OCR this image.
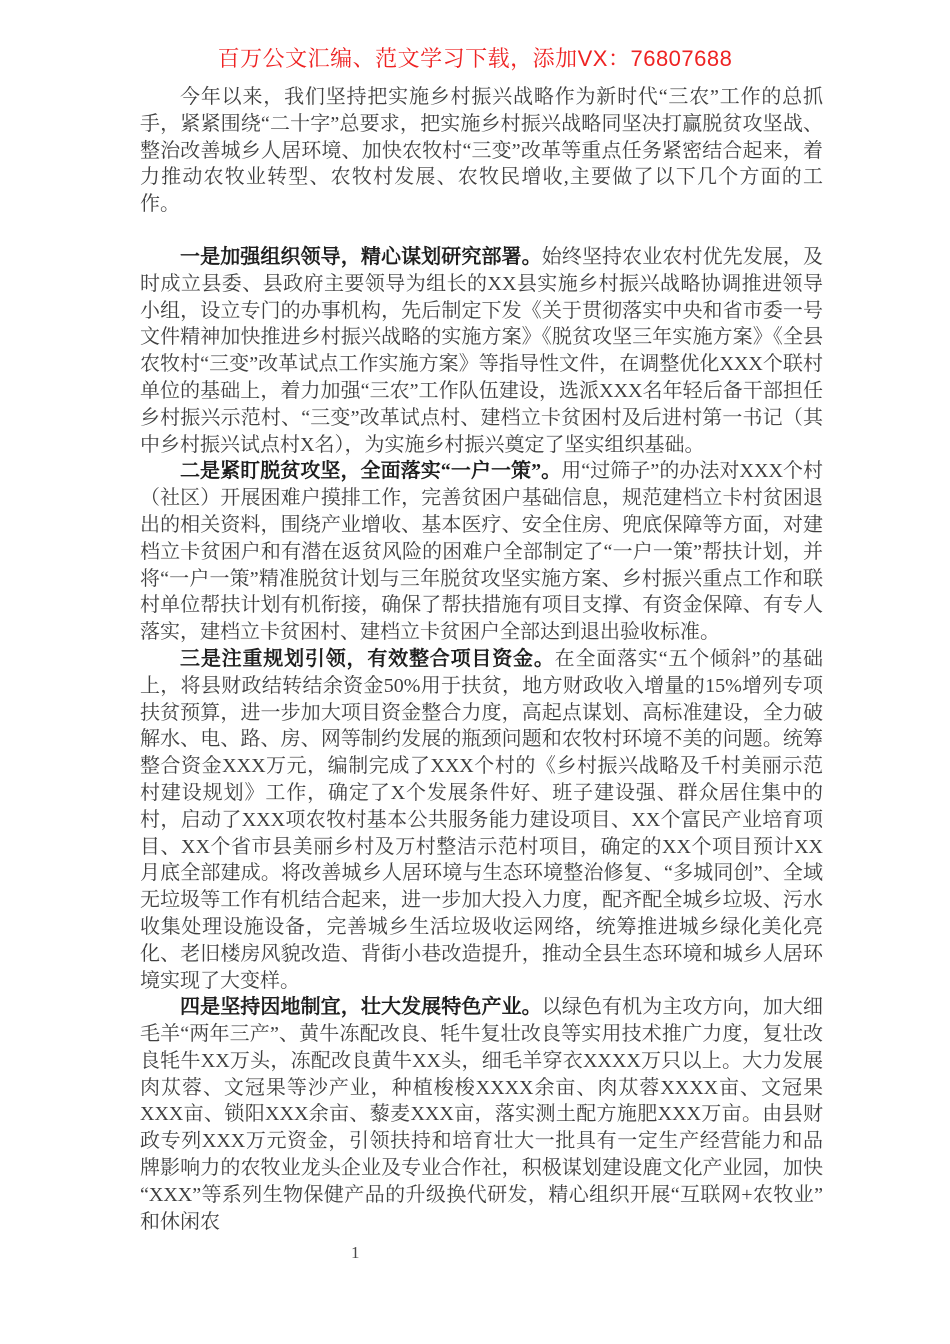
百万公文汇编、范文学习下载，添加VX：76807688

今年以来，我们坚持把实施乡村振兴战略作为新时代“三农”工作的总抓手，紧紧围绕“二十字”总要求，把实施乡村振兴战略同坚决打赢脱贫攻坚战、整治改善城乡人居环境、加快农牧村“三变”改革等重点任务紧密结合起来，着力推动农牧业转型、农牧村发展、农牧民增收,主要做了以下几个方面的工作。

一是加强组织领导，精心谋划研究部署。始终坚持农业农村优先发展，及时成立县委、县政府主要领导为组长的XX县实施乡村振兴战略协调推进领导小组，设立专门的办事机构，先后制定下发《关于贯彻落实中央和省市委一号文件精神加快推进乡村振兴战略的实施方案》《脱贫攻坚三年实施方案》《全县农牧村“三变”改革试点工作实施方案》等指导性文件，在调整优化XXX个联村单位的基础上，着力加强“三农”工作队伍建设，选派XXX名年轻后备干部担任乡村振兴示范村、“三变”改革试点村、建档立卡贫困村及后进村第一书记（其中乡村振兴试点村X名），为实施乡村振兴奠定了坚实组织基础。

二是紧盯脱贫攻坚，全面落实“一户一策”。用“过筛子”的办法对XXX个村（社区）开展困难户摸排工作，完善贫困户基础信息，规范建档立卡村贫困退出的相关资料，围绕产业增收、基本医疗、安全住房、兜底保障等方面，对建档立卡贫困户和有潜在返贫风险的困难户全部制定了“一户一策”帮扶计划，并将“一户一策”精准脱贫计划与三年脱贫攻坚实施方案、乡村振兴重点工作和联村单位帮扶计划有机衔接，确保了帮扶措施有项目支撑、有资金保障、有专人落实，建档立卡贫困村、建档立卡贫困户全部达到退出验收标准。

三是注重规划引领，有效整合项目资金。在全面落实“五个倾斜”的基础上，将县财政结转结余资金50%用于扶贫，地方财政收入增量的15%增列专项扶贫预算，进一步加大项目资金整合力度，高起点谋划、高标准建设，全力破解水、电、路、房、网等制约发展的瓶颈问题和农牧村环境不美的问题。统筹整合资金XXX万元，编制完成了XXX个村的《乡村振兴战略及千村美丽示范村建设规划》工作，确定了X个发展条件好、班子建设强、群众居住集中的村，启动了XXX项农牧村基本公共服务能力建设项目、XX个富民产业培育项目、XX个省市县美丽乡村及万村整洁示范村项目，确定的XX个项目预计XX月底全部建成。将改善城乡人居环境与生态环境整治修复、“多城同创”、全域无垃圾等工作有机结合起来，进一步加大投入力度，配齐配全城乡垃圾、污水收集处理设施设备，完善城乡生活垃圾收运网络，统筹推进城乡绿化美化亮化、老旧楼房风貌改造、背街小巷改造提升，推动全县生态环境和城乡人居环境实现了大变样。

四是坚持因地制宜，壮大发展特色产业。以绿色有机为主攻方向，加大细毛羊“两年三产”、黄牛冻配改良、牦牛复壮改良等实用技术推广力度，复壮改良牦牛XX万头，冻配改良黄牛XX头，细毛羊穿衣XXXX万只以上。大力发展肉苁蓉、文冠果等沙产业，种植梭梭XXXX余亩、肉苁蓉XXXX亩、文冠果XXX亩、锁阳XXX余亩、藜麦XXX亩，落实测土配方施肥XXX万亩。由县财政专列XXX万元资金，引领扶持和培育壮大一批具有一定生产经营能力和品牌影响力的农牧业龙头企业及专业合作社，积极谋划建设鹿文化产业园，加快“XXX”等系列生物保健产品的升级换代研发，精心组织开展“互联网+农牧业”和休闲农

1
